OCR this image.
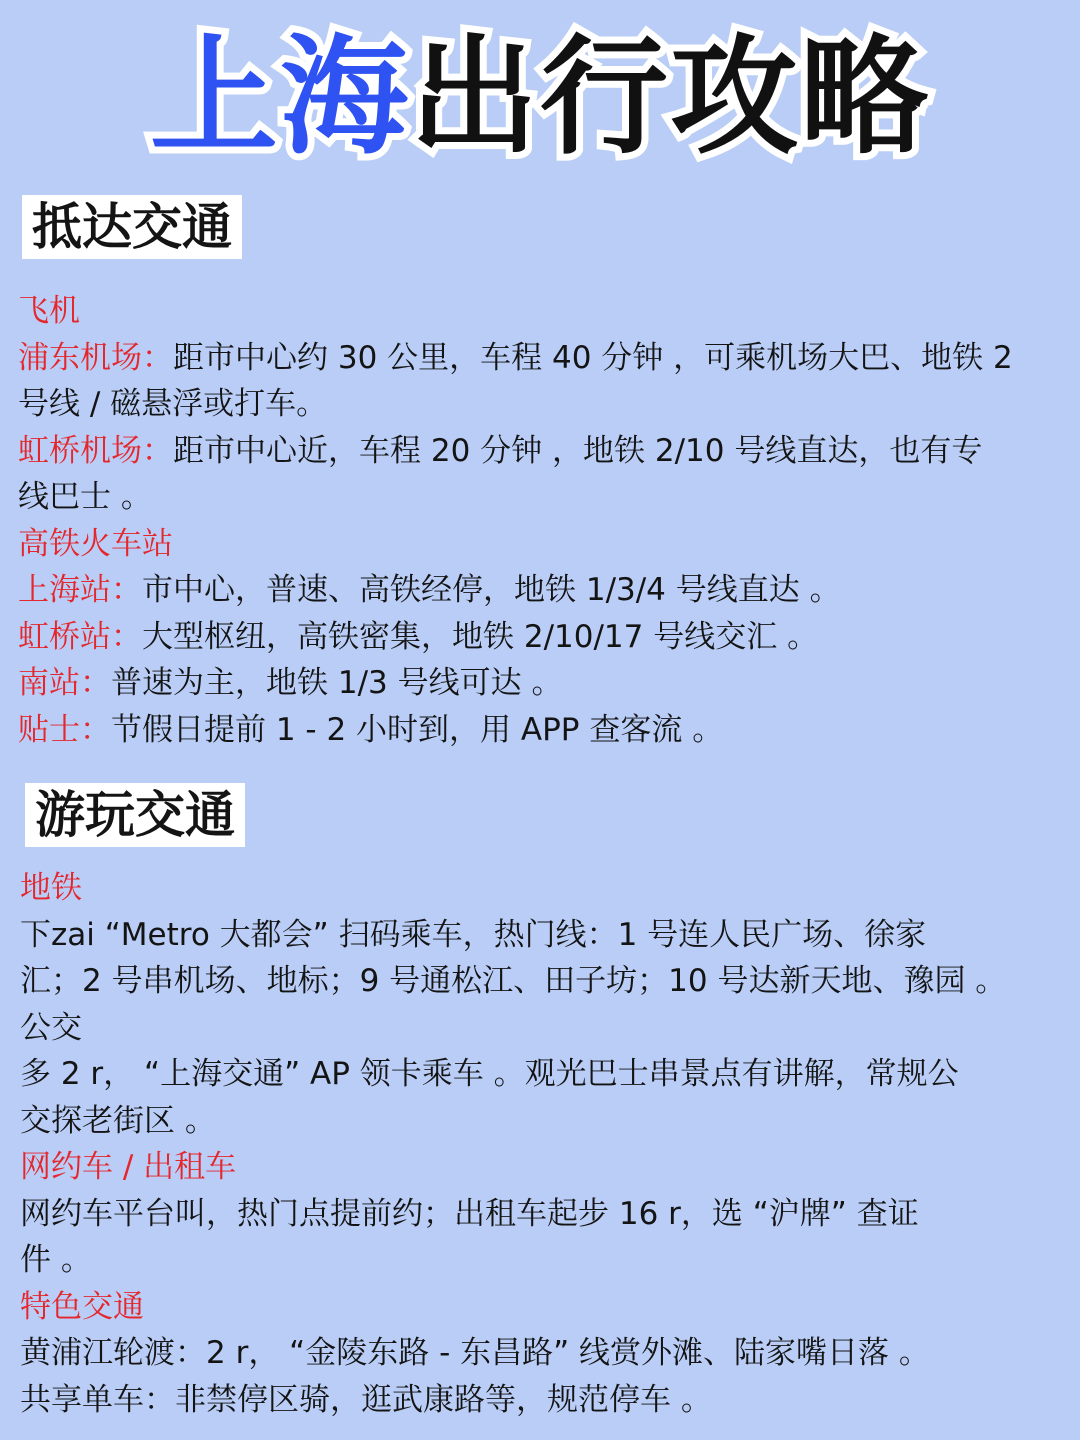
上海出行攻略
抵达交通
飞机
浦东机场：距市中心约 30 公里，车程 40 分钟 ，可乘机场大巴、地铁 2
号线 / 磁悬浮或打车。
虹桥机场：距市中心近，车程 20 分钟 ，地铁 2/10 号线直达，也有专
线巴士 。
高铁火车站
上海站：市中心，普速、高铁经停，地铁 1/3/4 号线直达 。
虹桥站：大型枢纽，高铁密集，地铁 2/10/17 号线交汇 。
南站：普速为主，地铁 1/3 号线可达 。
贴士：节假日提前 1 - 2 小时到，用 APP 查客流 。
游玩交通
地铁
下zai “Metro 大都会” 扫码乘车，热门线：1 号连人民广场、徐家
汇；2 号串机场、地标；9 号通松江、田子坊；10 号达新天地、豫园 。
公交
多 2 r， “上海交通” AP 领卡乘车 。观光巴士串景点有讲解，常规公
交探老街区 。
网约车 / 出租车
网约车平台叫，热门点提前约；出租车起步 16 r，选 “沪牌” 查证
件 。
特色交通
黄浦江轮渡：2 r， “金陵东路 - 东昌路” 线赏外滩、陆家嘴日落 。
共享单车：非禁停区骑，逛武康路等，规范停车 。
